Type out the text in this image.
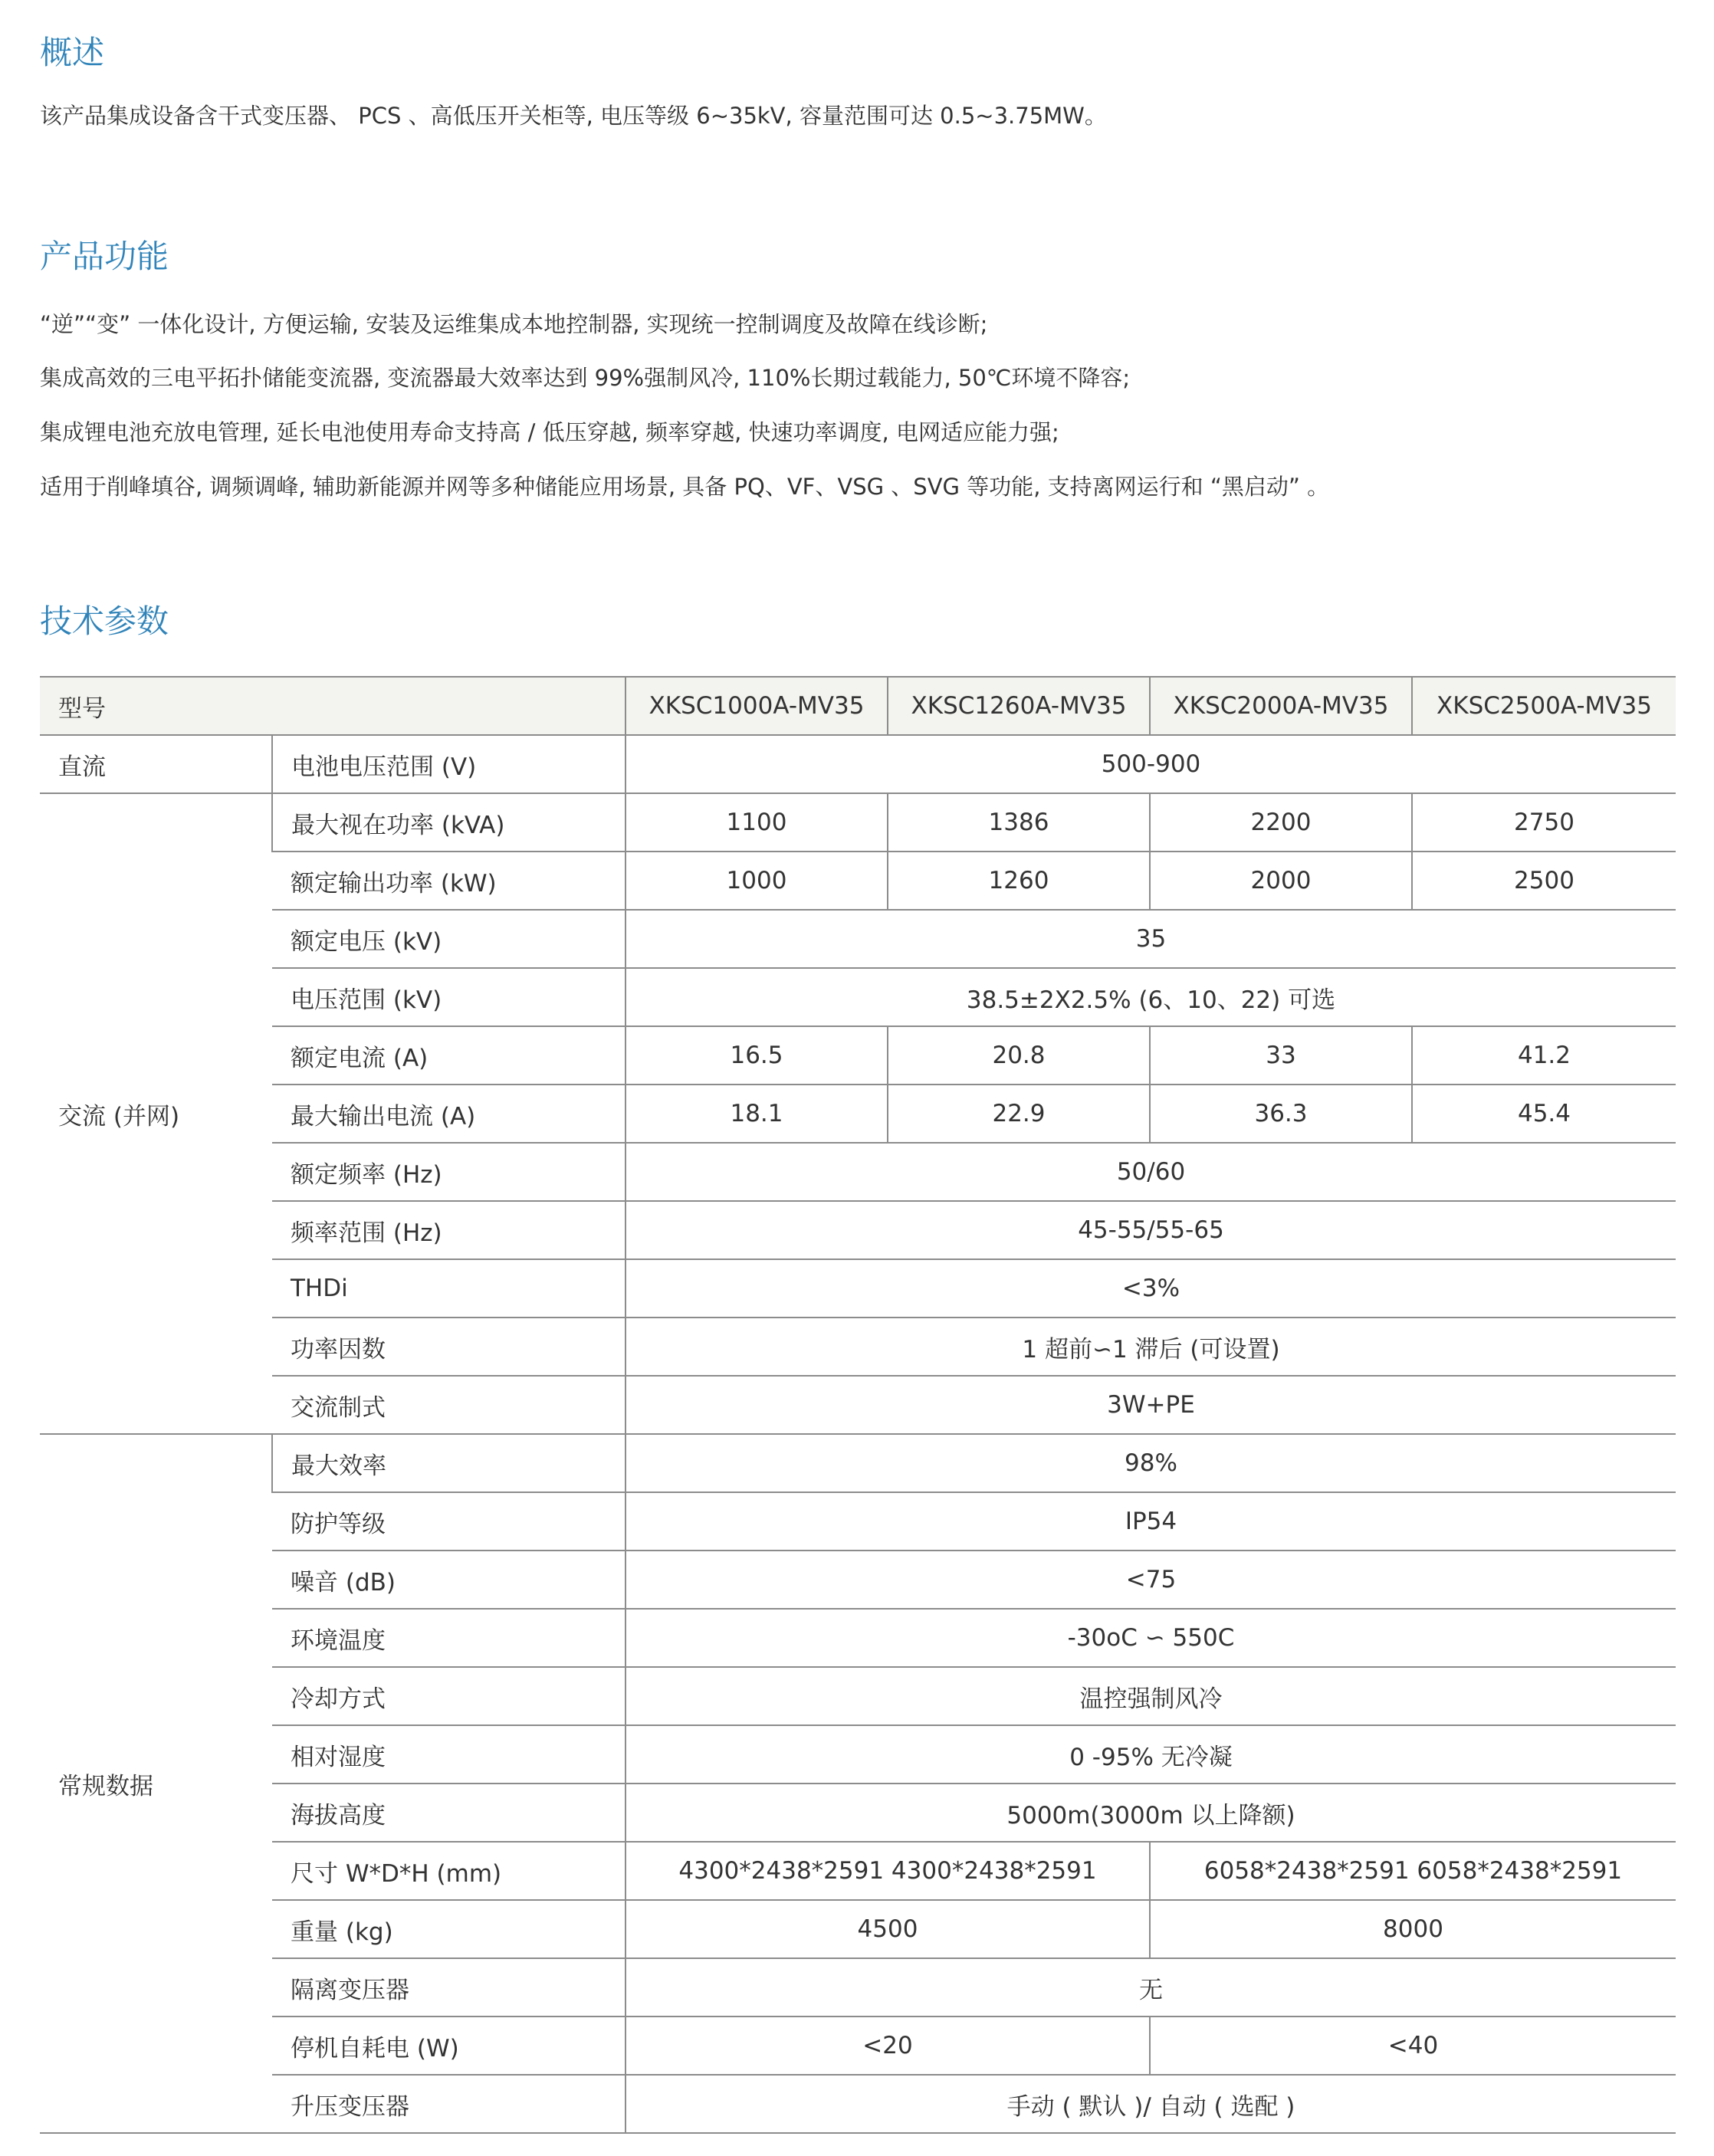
概述

该产品集成设备含干式变压器、 PCS 、高低压开关柜等, 电压等级 6~35kV, 容量范围可达 0.5~3.75MW。

产品功能

“逆”“变” 一体化设计, 方便运输, 安装及运维集成本地控制器, 实现统一控制调度及故障在线诊断;

集成高效的三电平拓扑储能变流器, 变流器最大效率达到 99%强制风冷, 110%长期过载能力, 50℃环境不降容;

集成锂电池充放电管理, 延长电池使用寿命支持高 / 低压穿越, 频率穿越, 快速功率调度, 电网适应能力强;

适用于削峰填谷, 调频调峰, 辅助新能源并网等多种储能应用场景, 具备 PQ、VF、VSG 、SVG 等功能, 支持离网运行和 “黑启动” 。

技术参数
型号		XKSC1000A-MV35	XKSC1260A-MV35	XKSC2000A-MV35	XKSC2500A-MV35
直流	电池电压范围 (V)	500-900			
交流 (并网)	最大视在功率 (kVA)	1100	1386	2200	2750
	额定输出功率 (kW)	1000	1260	2000	2500
	额定电压 (kV)	35			
	电压范围 (kV)	38.5±2X2.5% (6、10、22) 可选			
	额定电流 (A)	16.5	20.8	33	41.2
	最大输出电流 (A)	18.1	22.9	36.3	45.4
	额定频率 (Hz)	50/60			
	频率范围 (Hz)	45-55/55-65			
	THDi	<3%			
	功率因数	1 超前∽1 滞后 (可设置)			
	交流制式	3W+PE			
常规数据	最大效率	98%			
	防护等级	IP54			
	噪音 (dB)	<75			
	环境温度	-30oC ∽ 550C			
	冷却方式	温控强制风冷			
	相对湿度	0 -95% 无冷凝			
	海拔高度	5000m(3000m 以上降额)			
	尺寸 W*D*H (mm)	4300*2438*2591 4300*2438*2591		6058*2438*2591 6058*2438*2591	
	重量 (kg)	4500		8000	
	隔离变压器	无			
	停机自耗电 (W)	<20		<40	
	升压变压器	手动 ( 默认 )/ 自动 ( 选配 )			
